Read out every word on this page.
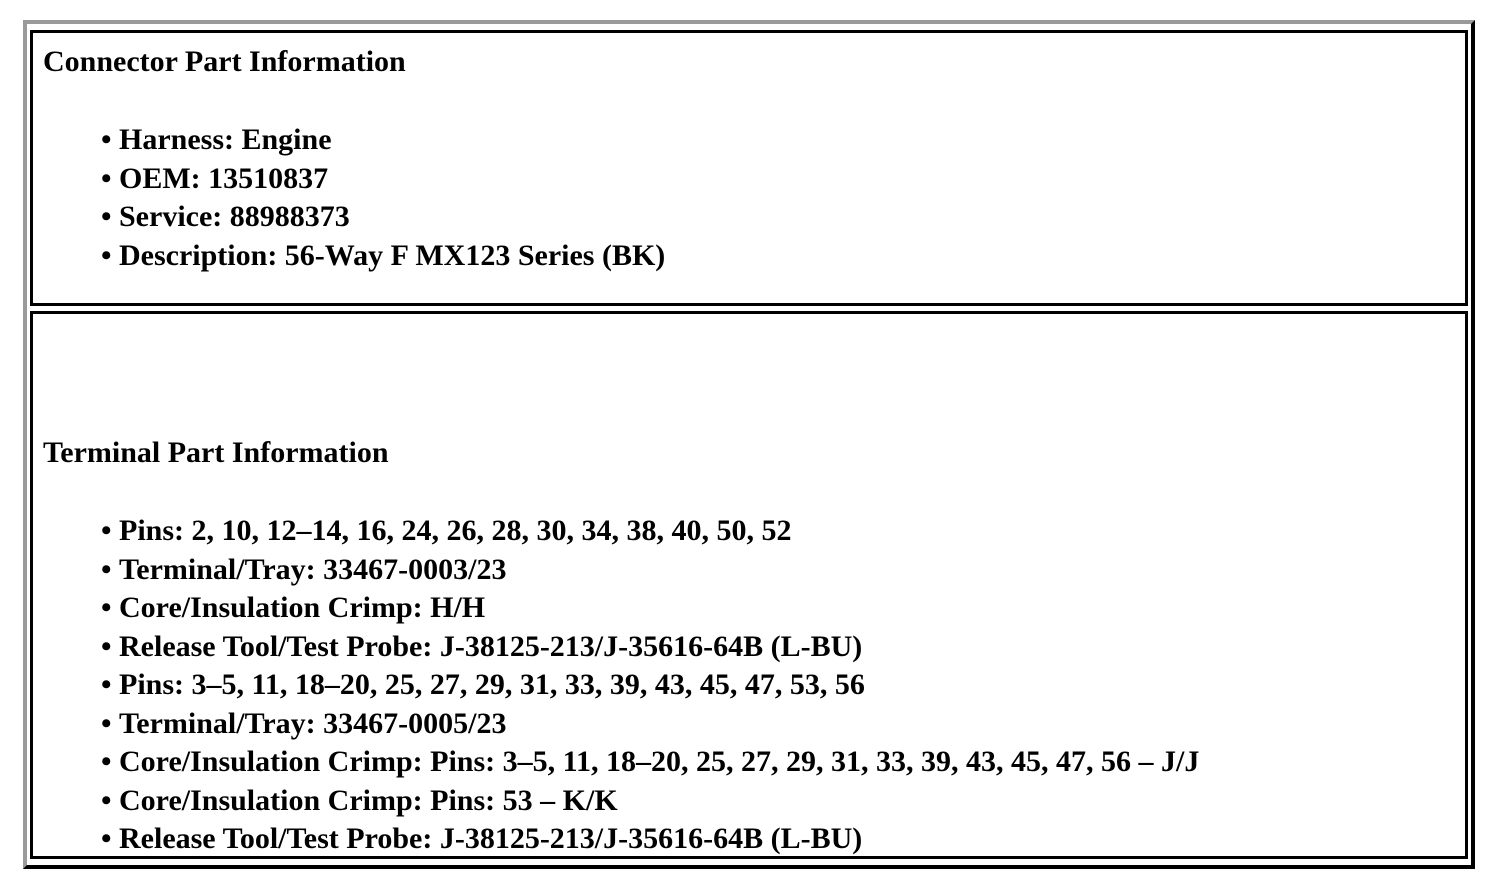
Connector Part Information

• Harness: Engine
• OEM: 13510837
• Service: 88988373
• Description: 56-Way F MX123 Series (BK)

Terminal Part Information

• Pins: 2, 10, 12–14, 16, 24, 26, 28, 30, 34, 38, 40, 50, 52
• Terminal/Tray: 33467-0003/23
• Core/Insulation Crimp: H/H
• Release Tool/Test Probe: J-38125-213/J-35616-64B (L-BU)
• Pins: 3–5, 11, 18–20, 25, 27, 29, 31, 33, 39, 43, 45, 47, 53, 56
• Terminal/Tray: 33467-0005/23
• Core/Insulation Crimp: Pins: 3–5, 11, 18–20, 25, 27, 29, 31, 33, 39, 43, 45, 47, 56 – J/J
• Core/Insulation Crimp: Pins: 53 – K/K
• Release Tool/Test Probe: J-38125-213/J-35616-64B (L-BU)
